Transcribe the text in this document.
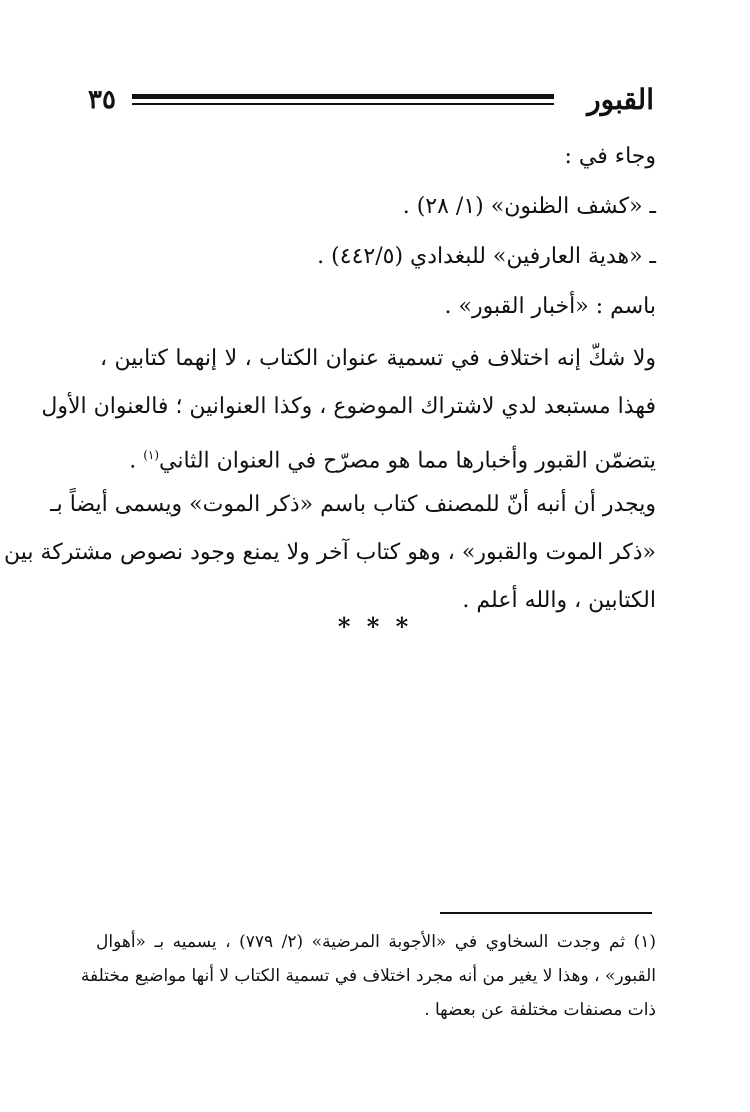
٣٥	القبور
وجاء في :
ـ «كشف الظنون» (١/ ٢٨) .
ـ «هدية العارفين» للبغدادي (٤٤٢/٥) .
باسم : «أخبار القبور» .
ولا شكّ إنه اختلاف في تسمية عنوان الكتاب ، لا إنهما كتابين ،
فهذا مستبعد لدي لاشتراك الموضوع ، وكذا العنوانين ؛ فالعنوان الأول
يتضمّن القبور وأخبارها مما هو مصرّح في العنوان الثاني$^{(١)}$ .
ويجدر أن أنبه أنّ للمصنف كتاب باسم «ذكر الموت» ويسمى أيضاً بـ
«ذكر الموت والقبور» ، وهو كتاب آخر ولا يمنع وجود نصوص مشتركة بين
الكتابين ، والله أعلم .
* * *
(١) ثم وجدت السخاوي في «الأجوبة المرضية» (٢/ ٧٧٩) ، يسميه بـ «أهوال
القبور» ، وهذا لا يغير من أنه مجرد اختلاف في تسمية الكتاب لا أنها مواضيع مختلفة
ذات مصنفات مختلفة عن بعضها .
